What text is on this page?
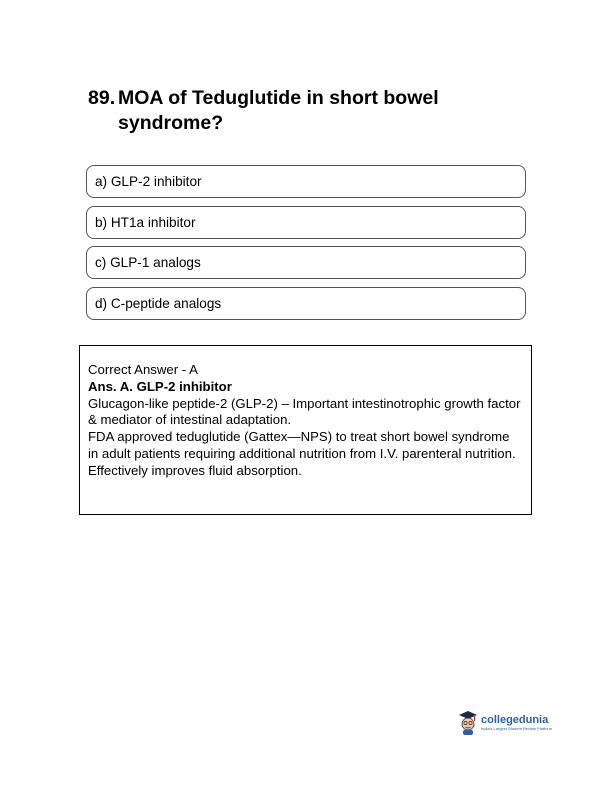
89. MOA of Teduglutide in short bowel syndrome?
a) GLP-2 inhibitor
b) HT1a inhibitor
c) GLP-1 analogs
d) C-peptide analogs

Correct Answer - A

Ans. A. GLP-2 inhibitor

Glucagon-like peptide-2 (GLP-2) – Important intestinotrophic growth factor & mediator of intestinal adaptation.

FDA approved teduglutide (Gattex—NPS) to treat short bowel syndrome in adult patients requiring additional nutrition from I.V. parenteral nutrition.

Effectively improves fluid absorption.

collegedunia
India's Largest Student Review Platform
